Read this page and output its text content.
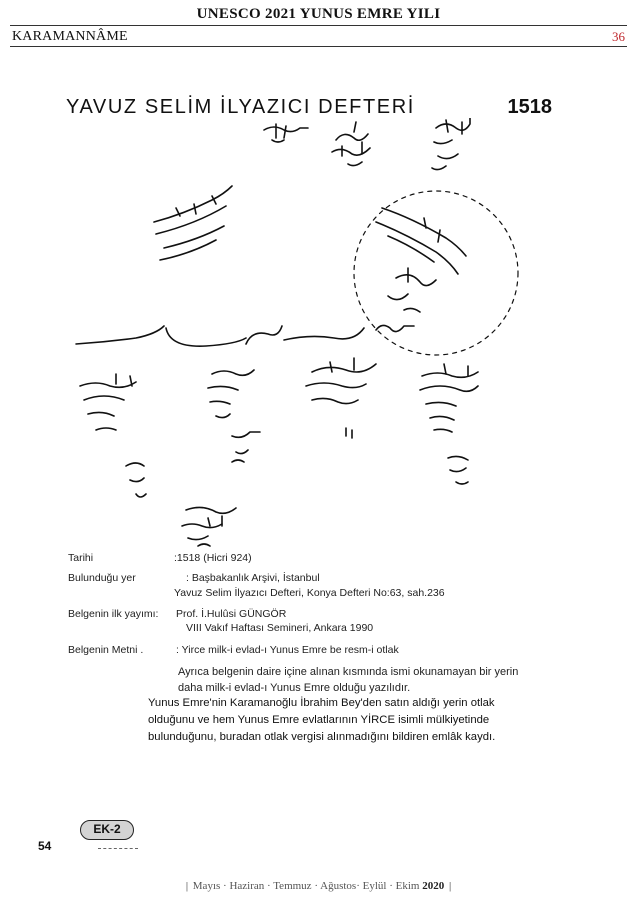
UNESCO 2021 YUNUS EMRE YILI
KARAMANNÂME	36
YAVUZ SELİM İLYAZICI DEFTERİ	1518
Tarihi	:1518 (Hicri 924)
Bulunduğu yer	: Başbakanlık Arşivi, İstanbul
Yavuz Selim İlyazıcı Defteri, Konya Defteri No:63, sah.236
Belgenin ilk yayımı: Prof. İ.Hulûsi GÜNGÖR
VIII Vakıf Haftası Semineri, Ankara 1990
Belgenin Metni .	: Yirce milk-i evlad-ı Yunus Emre be resm-i otlak
Ayrıca belgenin daire içine alınan kısmında ismi okunamayan bir yerin
daha milk-i evlad-ı Yunus Emre olduğu yazılıdır.
Yunus Emre'nin Karamanoğlu İbrahim Bey'den satın aldığı yerin otlak
olduğunu ve hem Yunus Emre evlatlarının YİRCE isimli mülkiyetinde
bulunduğunu, buradan otlak vergisi alınmadığını bildiren emlâk kaydı.
EK-2
54
| Mayıs · Haziran · Temmuz · Ağustos· Eylül · Ekim 2020 |
